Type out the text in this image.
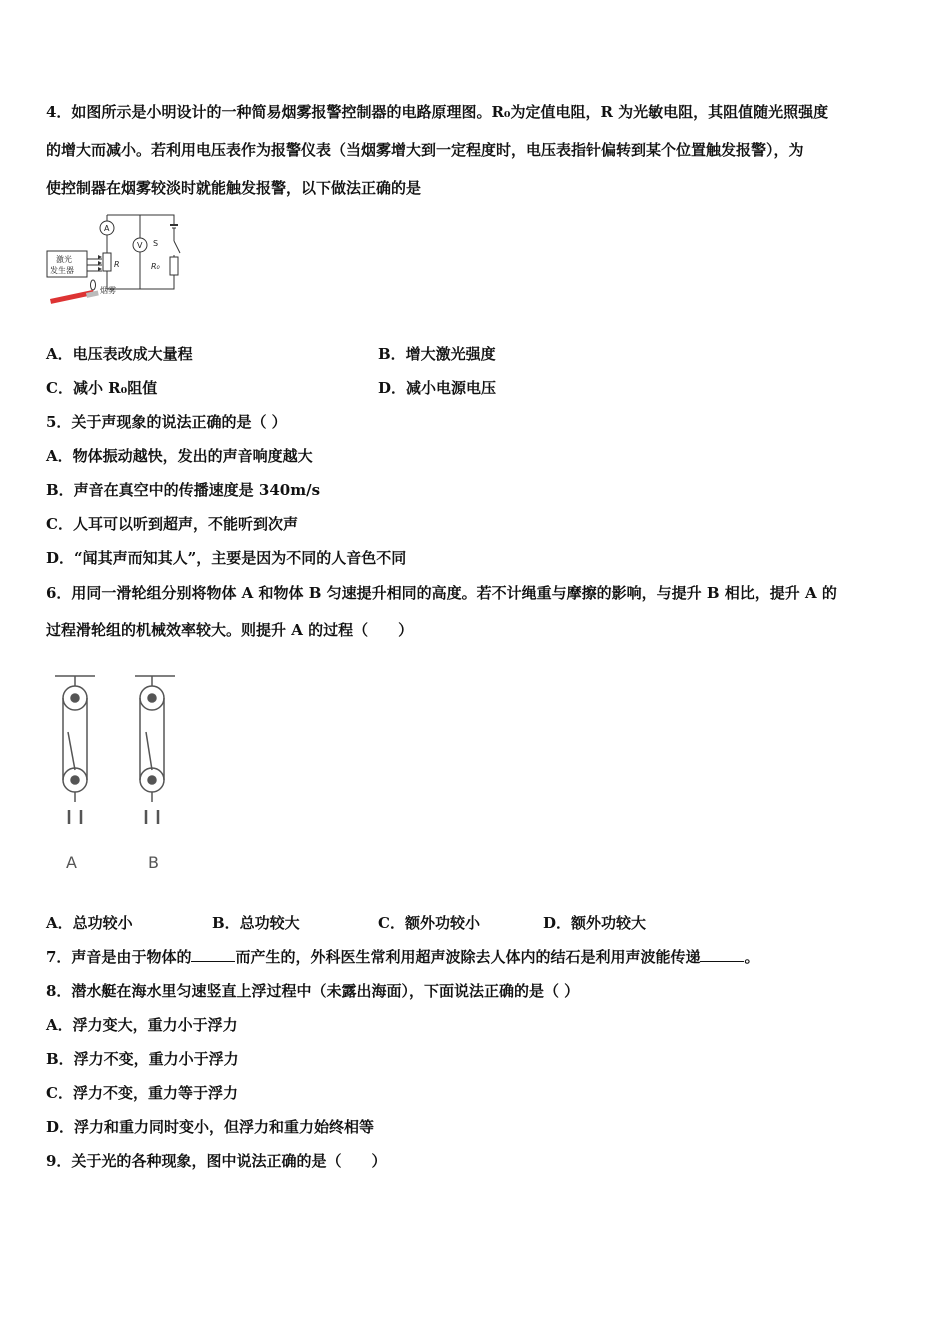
4．如图所示是小明设计的一种简易烟雾报警控制器的电路原理图。R₀为定值电阻，R 为光敏电阻，其阻值随光照强度
的增大而减小。若利用电压表作为报警仪表（当烟雾增大到一定程度时，电压表指针偏转到某个位置触发报警），为
使控制器在烟雾较淡时就能触发报警，以下做法正确的是
A
V S
R	R₀
激光
发生器
烟雾
A．电压表改成大量程	B．增大激光强度
C．减小 R₀阻值	D．减小电源电压
5．关于声现象的说法正确的是（ ）
A．物体振动越快，发出的声音响度越大
B．声音在真空中的传播速度是 340m/s
C．人耳可以听到超声，不能听到次声
D．“闻其声而知其人”，主要是因为不同的人音色不同
6．用同一滑轮组分别将物体 A 和物体 B 匀速提升相同的高度。若不计绳重与摩擦的影响，与提升 B 相比，提升 A 的
过程滑轮组的机械效率较大。则提升 A 的过程（　　）
A	B
A．总功较小	B．总功较大	C．额外功较小	D．额外功较大
7．声音是由于物体的	而产生的，外科医生常利用超声波除去人体内的结石是利用声波能传递	。
8．潜水艇在海水里匀速竖直上浮过程中（未露出海面），下面说法正确的是（ ）
A．浮力变大，重力小于浮力
B．浮力不变，重力小于浮力
C．浮力不变，重力等于浮力
D．浮力和重力同时变小，但浮力和重力始终相等
9．关于光的各种现象，图中说法正确的是（　　）
